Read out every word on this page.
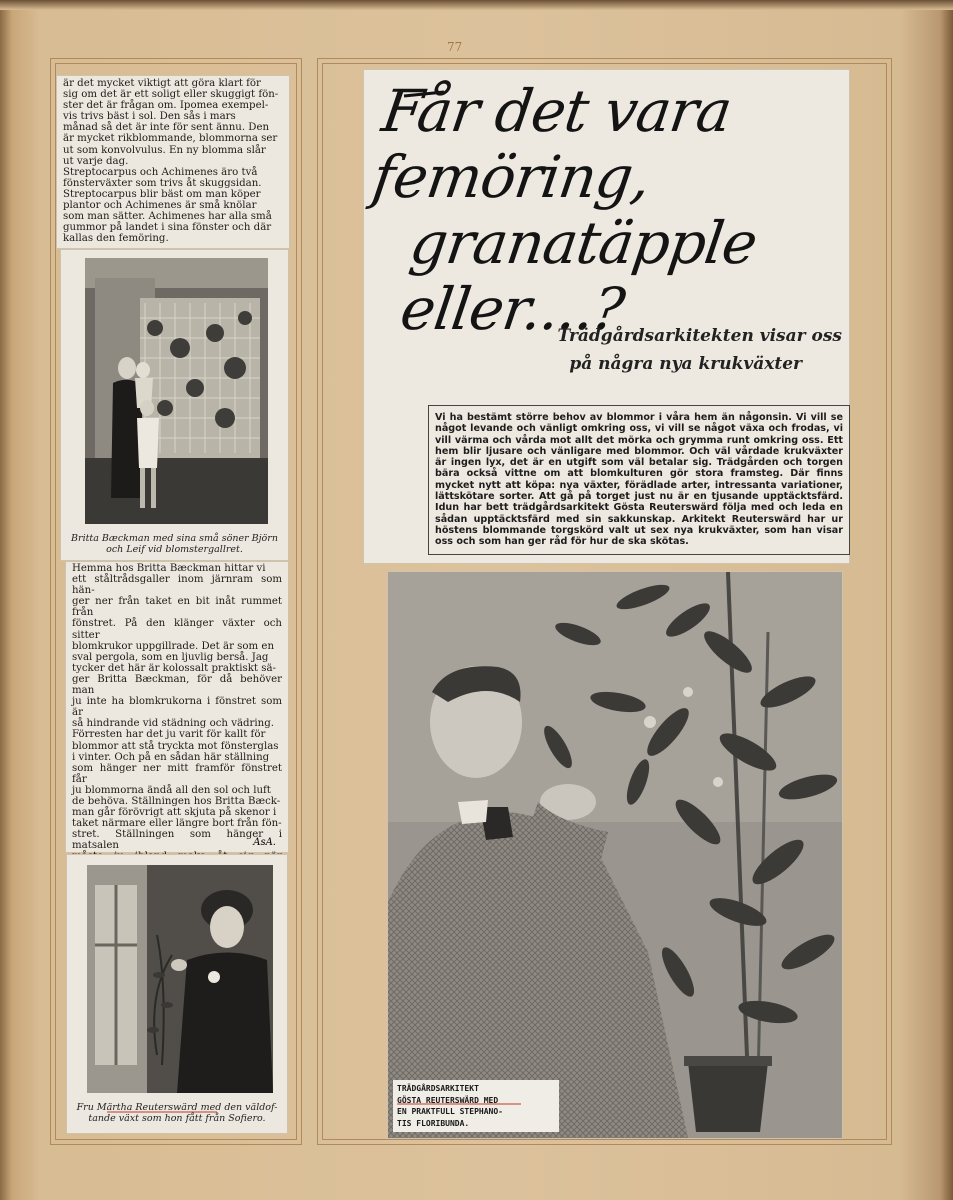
77
är det mycket viktigt att göra klart för
sig om det är ett soligt eller skuggigt fön-
ster det är frågan om. Ipomea exempel-
vis trivs bäst i sol. Den sås i mars
månad så det är inte för sent ännu. Den
är mycket rikblommande, blommorna ser
ut som konvolvulus. En ny blomma slår
ut varje dag.
Streptocarpus och Achimenes äro två
fönsterväxter som trivs åt skuggsidan.
Streptocarpus blir bäst om man köper
plantor och Achimenes är små knölar
som man sätter. Achimenes har alla små
gummor på landet i sina fönster och där
kallas den femöring.
Britta Bæckman med sina små söner Björn
och Leif vid blomstergallret.
Hemma hos Britta Bæckman hittar vi
ett ståltrådsgaller inom järnram som hän-
ger ner från taket en bit inåt rummet från
fönstret. På den klänger växter och sitter
blomkrukor uppgillrade. Det är som en
sval pergola, som en ljuvlig berså. Jag
tycker det här är kolossalt praktiskt sä-
ger Britta Bæckman, för då behöver man
ju inte ha blomkrukorna i fönstret som är
så hindrande vid städning och vädring.
Förresten har det ju varit för kallt för
blommor att stå tryckta mot fönsterglas
i vinter. Och på en sådan här ställning
som hänger ner mitt framför fönstret får
ju blommorna ändå all den sol och luft
de behöva. Ställningen hos Britta Bæck-
man går förövrigt att skjuta på skenor i
taket närmare eller längre bort från fön-
stret. Ställningen som hänger i matsalen	AsA.
Fru Märtha Reuterswärd med den väldof-
tande växt som hon fått från Sofiero.
Får det vara femöring,
granatäpple eller....?
Trädgårdsarkitekten visar oss
på några nya krukväxter
Vi ha bestämt större behov av blommor i våra hem än någonsin. Vi vill se något levande och vänligt omkring oss, vi vill se något växa och frodas, vi vill värma och vårda mot allt det mörka och grymma runt omkring oss. Ett hem blir ljusare och vänligare med blommor. Och väl vårdade krukväxter är ingen lyx, det är en utgift som väl betalar sig. Trädgården och torgen bära också vittne om att blomkulturen gör stora framsteg. Där finns mycket nytt att köpa: nya växter, förädlade arter, intressanta variationer, lättskötare sorter. Att gå på torget just nu är en tjusande upptäcktsfärd. Idun har bett trädgårdsarkitekt Gösta Reuterswärd följa med och leda en sådan upptäcktsfärd med sin sakkunskap. Arkitekt Reuterswärd har ur höstens blommande torgskörd valt ut sex nya krukväxter, som han visar oss och som han ger råd för hur de ska skötas.
TRÄDGÅRDSARKITEKT
GÖSTA REUTERSWÄRD MED
EN PRAKTFULL STEPHANO-
TIS FLORIBUNDA.
